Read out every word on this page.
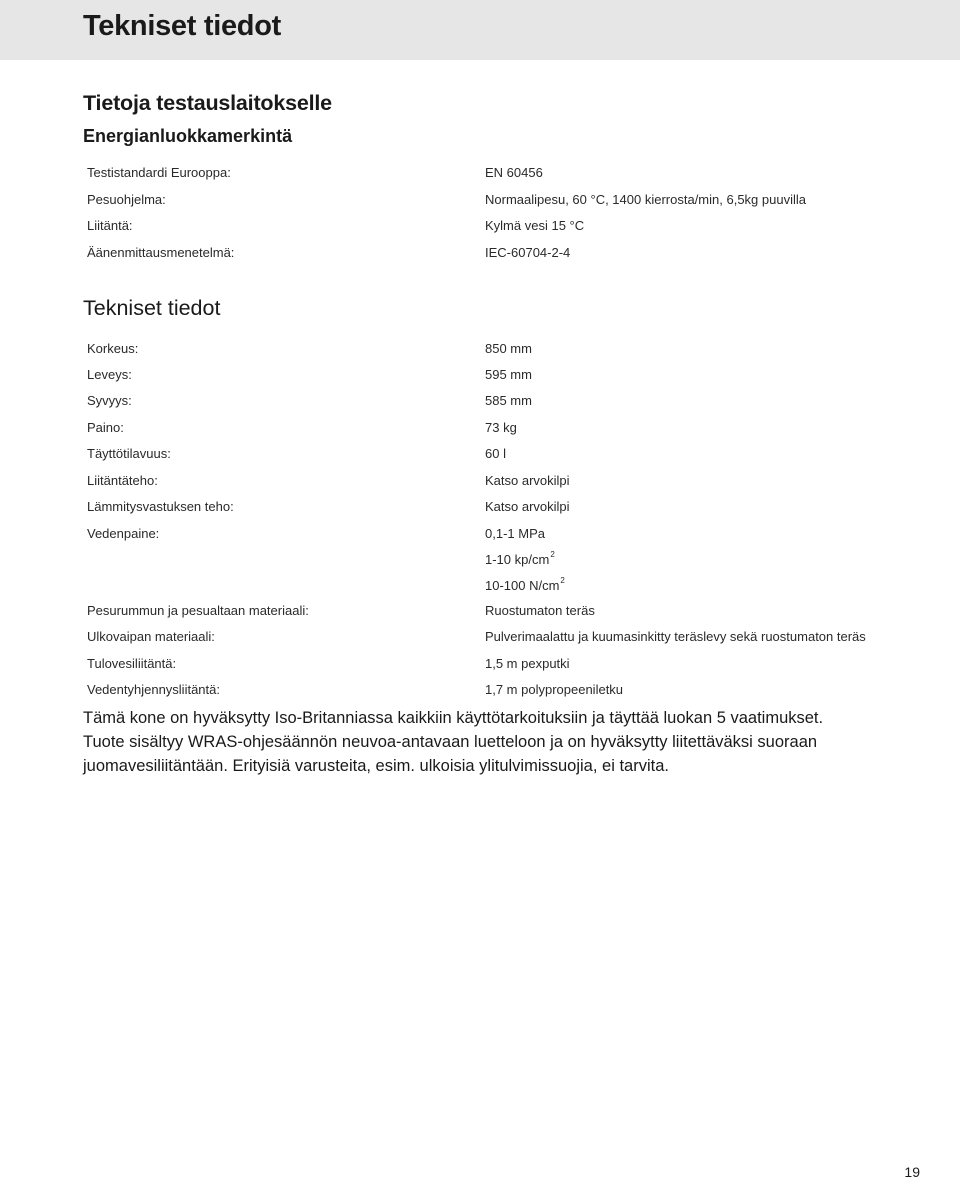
Tekniset tiedot
Tietoja testauslaitokselle
Energianluokkamerkintä
Testistandardi Eurooppa:	EN 60456
Pesuohjelma:	Normaalipesu, 60 °C, 1400 kierrosta/min, 6,5kg puuvilla
Liitäntä:	Kylmä vesi 15 °C
Äänenmittausmenetelmä:	IEC-60704-2-4
Tekniset tiedot
Korkeus:	850 mm
Leveys:	595 mm
Syvyys:	585 mm
Paino:	73 kg
Täyttötilavuus:	60 l
Liitäntäteho:	Katso arvokilpi
Lämmitysvastuksen teho:	Katso arvokilpi
Vedenpaine:	0,1-1 MPa
1-10 $kp/cm^2$
10-100 $N/cm^2$
Pesurummun ja pesualtaan materiaali:	Ruostumaton teräs
Ulkovaipan materiaali:	Pulverimaalattu ja kuumasinkitty teräslevy sekä ruostumaton teräs
Tulovesiliitäntä:	1,5 m pexputki
Vedentyhjennysliitäntä:	1,7 m polypropeeniletku

Tämä kone on hyväksytty Iso-Britanniassa kaikkiin käyttötarkoituksiin ja täyttää luokan 5 vaatimukset.

Tuote sisältyy WRAS-ohjesäännön neuvoa-antavaan luetteloon ja on hyväksytty liitettäväksi suoraan juomavesiliitäntään. Erityisiä varusteita, esim. ulkoisia ylitulvimissuojia, ei tarvita.

19
